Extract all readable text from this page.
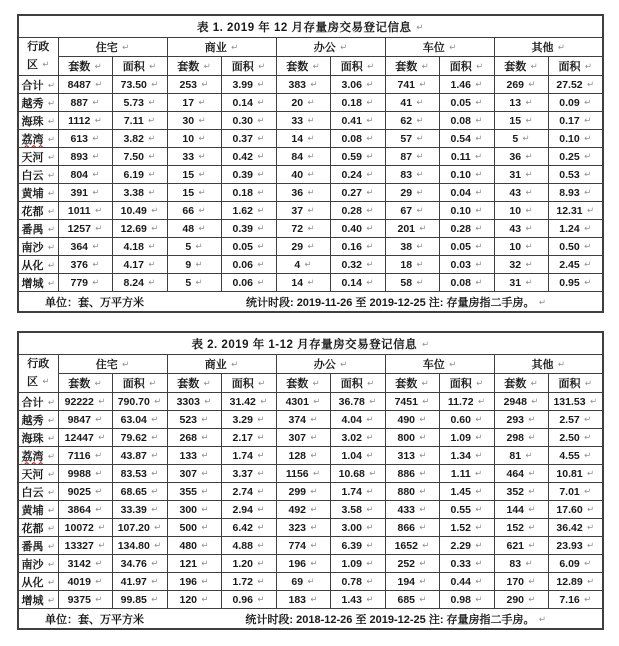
表 1. 2019 年 12 月存量房交易登记信息 ↵
行政
区 ↵	住宅 ↵		商业 ↵		办公 ↵		车位 ↵		其他 ↵
	套数 ↵	面积 ↵	套数 ↵	面积 ↵	套数 ↵	面积 ↵	套数 ↵	面积 ↵	套数 ↵	面积 ↵
合计 ↵	8487 ↵	73.50 ↵	253 ↵	3.99 ↵	383 ↵	3.06 ↵	741 ↵	1.46 ↵	269 ↵	27.52 ↵
越秀 ↵	887 ↵	5.73 ↵	17 ↵	0.14 ↵	20 ↵	0.18 ↵	41 ↵	0.05 ↵	13 ↵	0.09 ↵
海珠 ↵	1112 ↵	7.11 ↵	30 ↵	0.30 ↵	33 ↵	0.41 ↵	62 ↵	0.08 ↵	15 ↵	0.17 ↵
荔湾 ↵	613 ↵	3.82 ↵	10 ↵	0.37 ↵	14 ↵	0.08 ↵	57 ↵	0.54 ↵	5 ↵	0.10 ↵
天河 ↵	893 ↵	7.50 ↵	33 ↵	0.42 ↵	84 ↵	0.59 ↵	87 ↵	0.11 ↵	36 ↵	0.25 ↵
白云 ↵	804 ↵	6.19 ↵	15 ↵	0.39 ↵	40 ↵	0.24 ↵	83 ↵	0.10 ↵	31 ↵	0.53 ↵
黄埔 ↵	391 ↵	3.38 ↵	15 ↵	0.18 ↵	36 ↵	0.27 ↵	29 ↵	0.04 ↵	43 ↵	8.93 ↵
花都 ↵	1011 ↵	10.49 ↵	66 ↵	1.62 ↵	37 ↵	0.28 ↵	67 ↵	0.10 ↵	10 ↵	12.31 ↵
番禺 ↵	1257 ↵	12.69 ↵	48 ↵	0.39 ↵	72 ↵	0.40 ↵	201 ↵	0.28 ↵	43 ↵	1.24 ↵
南沙 ↵	364 ↵	4.18 ↵	5 ↵	0.05 ↵	29 ↵	0.16 ↵	38 ↵	0.05 ↵	10 ↵	0.50 ↵
从化 ↵	376 ↵	4.17 ↵	9 ↵	0.06 ↵	4 ↵	0.32 ↵	18 ↵	0.03 ↵	32 ↵	2.45 ↵
增城 ↵	779 ↵	8.24 ↵	5 ↵	0.06 ↵	14 ↵	0.14 ↵	58 ↵	0.08 ↵	31 ↵	0.95 ↵

单位：套、万平方米 统计时段: 2019-11-26 至 2019-12-25 注: 存量房指二手房。 ↵
表 2. 2019 年 1-12 月存量房交易登记信息 ↵
行政
区 ↵	住宅 ↵		商业 ↵		办公 ↵		车位 ↵		其他 ↵
	套数 ↵	面积 ↵	套数 ↵	面积 ↵	套数 ↵	面积 ↵	套数 ↵	面积 ↵	套数 ↵	面积 ↵
合计 ↵	92222 ↵	790.70 ↵	3303 ↵	31.42 ↵	4301 ↵	36.78 ↵	7451 ↵	11.72 ↵	2948 ↵	131.53 ↵
越秀 ↵	9847 ↵	63.04 ↵	523 ↵	3.29 ↵	374 ↵	4.04 ↵	490 ↵	0.60 ↵	293 ↵	2.57 ↵
海珠 ↵	12447 ↵	79.62 ↵	268 ↵	2.17 ↵	307 ↵	3.02 ↵	800 ↵	1.09 ↵	298 ↵	2.50 ↵
荔湾 ↵	7116 ↵	43.87 ↵	133 ↵	1.74 ↵	128 ↵	1.04 ↵	313 ↵	1.34 ↵	81 ↵	4.55 ↵
天河 ↵	9988 ↵	83.53 ↵	307 ↵	3.37 ↵	1156 ↵	10.68 ↵	886 ↵	1.11 ↵	464 ↵	10.81 ↵
白云 ↵	9025 ↵	68.65 ↵	355 ↵	2.74 ↵	299 ↵	1.74 ↵	880 ↵	1.45 ↵	352 ↵	7.01 ↵
黄埔 ↵	3864 ↵	33.39 ↵	300 ↵	2.94 ↵	492 ↵	3.58 ↵	433 ↵	0.55 ↵	144 ↵	17.60 ↵
花都 ↵	10072 ↵	107.20 ↵	500 ↵	6.42 ↵	323 ↵	3.00 ↵	866 ↵	1.52 ↵	152 ↵	36.42 ↵
番禺 ↵	13327 ↵	134.80 ↵	480 ↵	4.88 ↵	774 ↵	6.39 ↵	1652 ↵	2.29 ↵	621 ↵	23.93 ↵
南沙 ↵	3142 ↵	34.76 ↵	121 ↵	1.20 ↵	196 ↵	1.09 ↵	252 ↵	0.33 ↵	83 ↵	6.09 ↵
从化 ↵	4019 ↵	41.97 ↵	196 ↵	1.72 ↵	69 ↵	0.78 ↵	194 ↵	0.44 ↵	170 ↵	12.89 ↵
增城 ↵	9375 ↵	99.85 ↵	120 ↵	0.96 ↵	183 ↵	1.43 ↵	685 ↵	0.98 ↵	290 ↵	7.16 ↵

单位：套、万平方米 统计时段: 2018-12-26 至 2019-12-25 注: 存量房指二手房。 ↵
